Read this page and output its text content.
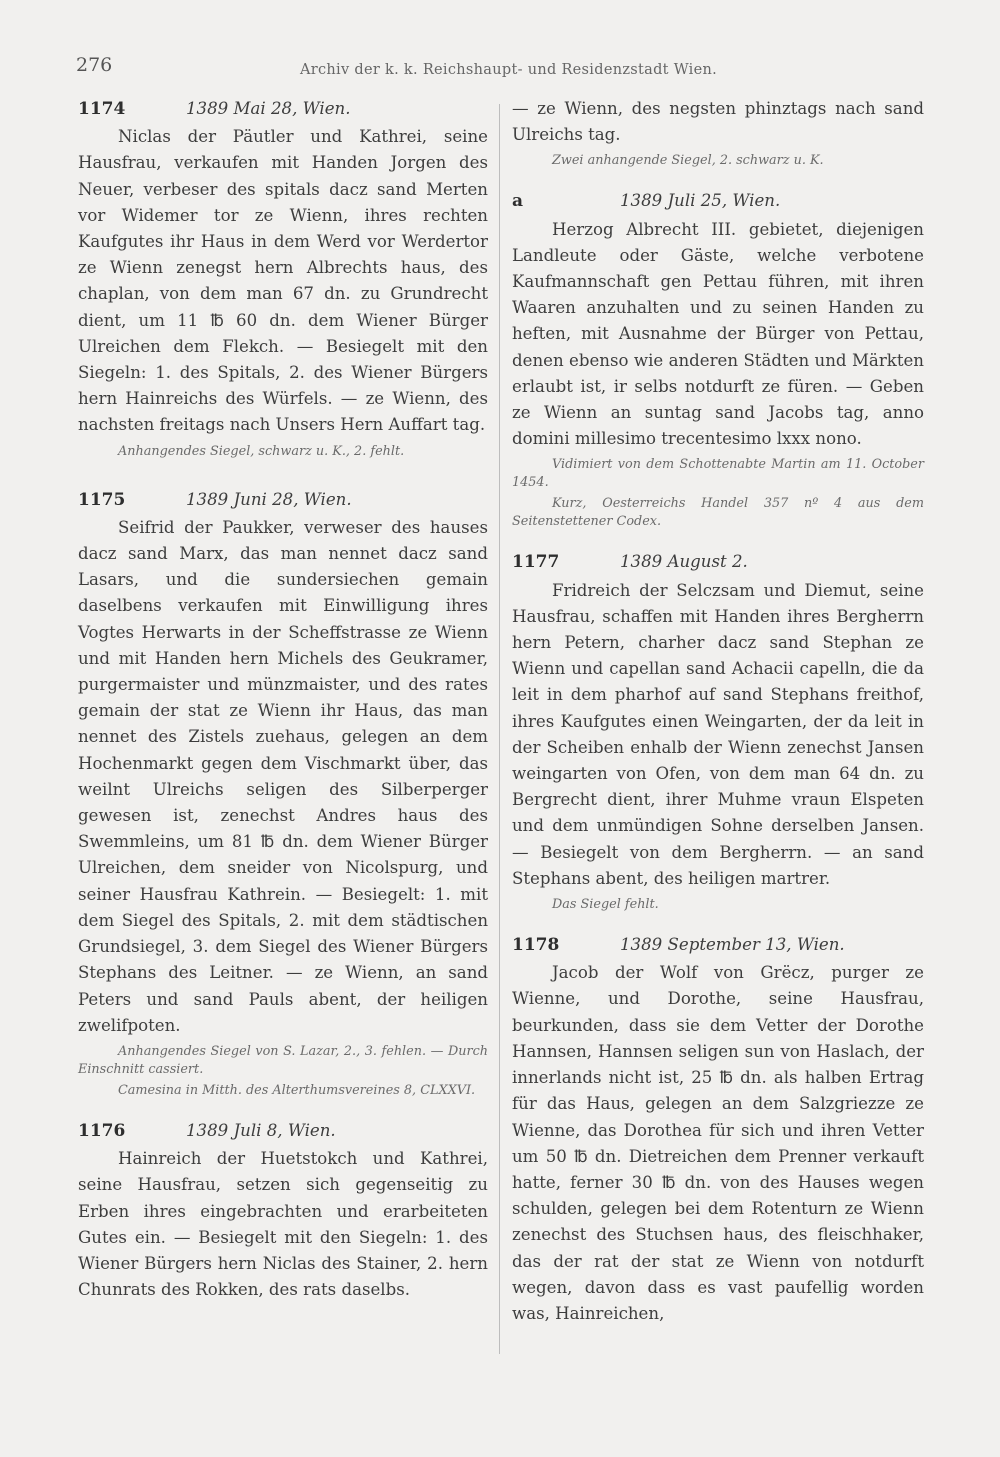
276	Archiv der k. k. Reichshaupt- und Residenzstadt Wien.
1174	1389 Mai 28, Wien.

Niclas der Päutler und Kathrei, seine Hausfrau, verkaufen mit Handen Jorgen des Neuer, verbeser des spitals dacz sand Merten vor Widemer tor ze Wienn, ihres rechten Kaufgutes ihr Haus in dem Werd vor Werdertor ze Wienn zenegst hern Albrechts haus, des chaplan, von dem man 67 dn. zu Grundrecht dient, um 11 ℔ 60 dn. dem Wiener Bürger Ulreichen dem Flekch. — Besiegelt mit den Siegeln: 1. des Spitals, 2. des Wiener Bürgers hern Hainreichs des Würfels. — ze Wienn, des nachsten freitags nach Unsers Hern Auffart tag.

Anhangendes Siegel, schwarz u. K., 2. fehlt.

1175	1389 Juni 28, Wien.

Seifrid der Paukker, verweser des hauses dacz sand Marx, das man nennet dacz sand Lasars, und die sundersiechen gemain daselbens verkaufen mit Einwilligung ihres Vogtes Herwarts in der Scheffstrasse ze Wienn und mit Handen hern Michels des Geukramer, purgermaister und münzmaister, und des rates gemain der stat ze Wienn ihr Haus, das man nennet des Zistels zuehaus, gelegen an dem Hochenmarkt gegen dem Vischmarkt über, das weilnt Ulreichs seligen des Silberperger gewesen ist, zenechst Andres haus des Swemmleins, um 81 ℔ dn. dem Wiener Bürger Ulreichen, dem sneider von Nicolspurg, und seiner Hausfrau Kathrein. — Besiegelt: 1. mit dem Siegel des Spitals, 2. mit dem städtischen Grundsiegel, 3. dem Siegel des Wiener Bürgers Stephans des Leitner. — ze Wienn, an sand Peters und sand Pauls abent, der heiligen zwelifpoten.

Anhangendes Siegel von S. Lazar, 2., 3. fehlen. — Durch Einschnitt cassiert.

Camesina in Mitth. des Alterthumsvereines 8, CLXXVI.

1176	1389 Juli 8, Wien.

Hainreich der Huetstokch und Kathrei, seine Hausfrau, setzen sich gegenseitig zu Erben ihres eingebrachten und erarbeiteten Gutes ein. — Besiegelt mit den Siegeln: 1. des Wiener Bürgers hern Niclas des Stainer, 2. hern Chunrats des Rokken, des rats daselbs.

— ze Wienn, des negsten phinztags nach sand Ulreichs tag.

Zwei anhangende Siegel, 2. schwarz u. K.

a	1389 Juli 25, Wien.

Herzog Albrecht III. gebietet, diejenigen Landleute oder Gäste, welche verbotene Kaufmannschaft gen Pettau führen, mit ihren Waaren anzuhalten und zu seinen Handen zu heften, mit Ausnahme der Bürger von Pettau, denen ebenso wie anderen Städten und Märkten erlaubt ist, ir selbs notdurft ze füren. — Geben ze Wienn an suntag sand Jacobs tag, anno domini millesimo trecentesimo lxxx nono.

Vidimiert von dem Schottenabte Martin am 11. October 1454.

Kurz, Oesterreichs Handel 357 nº 4 aus dem Seitenstettener Codex.

1177	1389 August 2.

Fridreich der Selczsam und Diemut, seine Hausfrau, schaffen mit Handen ihres Bergherrn hern Petern, charher dacz sand Stephan ze Wienn und capellan sand Achacii capelln, die da leit in dem pharhof auf sand Stephans freithof, ihres Kaufgutes einen Weingarten, der da leit in der Scheiben enhalb der Wienn zenechst Jansen weingarten von Ofen, von dem man 64 dn. zu Bergrecht dient, ihrer Muhme vraun Elspeten und dem unmündigen Sohne derselben Jansen. — Besiegelt von dem Bergherrn. — an sand Stephans abent, des heiligen martrer.

Das Siegel fehlt.

1178	1389 September 13, Wien.

Jacob der Wolf von Grëcz, purger ze Wienne, und Dorothe, seine Hausfrau, beurkunden, dass sie dem Vetter der Dorothe Hannsen, Hannsen seligen sun von Haslach, der innerlands nicht ist, 25 ℔ dn. als halben Ertrag für das Haus, gelegen an dem Salzgriezze ze Wienne, das Dorothea für sich und ihren Vetter um 50 ℔ dn. Dietreichen dem Prenner verkauft hatte, ferner 30 ℔ dn. von des Hauses wegen schulden, gelegen bei dem Rotenturn ze Wienn zenechst des Stuchsen haus, des fleischhaker, das der rat der stat ze Wienn von notdurft wegen, davon dass es vast paufellig worden was, Hainreichen,
